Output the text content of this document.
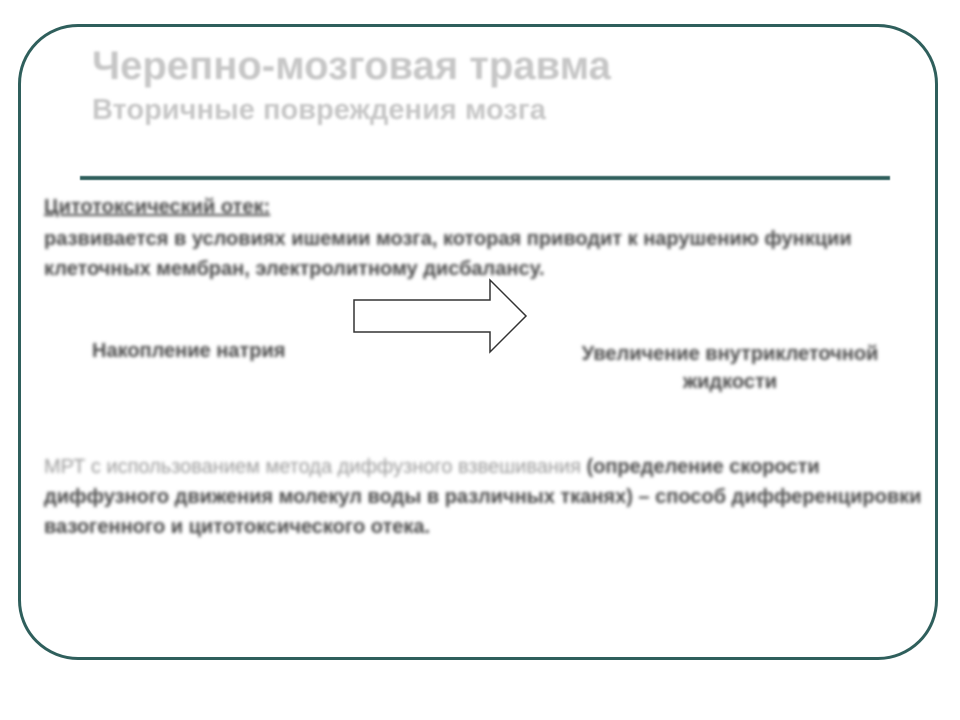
Черепно-мозговая травма
Вторичные повреждения мозга
Цитотоксический отек:
развивается в условиях ишемии мозга, которая приводит к нарушению функции клеточных мембран, электролитному дисбалансу.
Накопление натрия	Увеличение внутриклеточной жидкости
МРТ с использованием метода диффузного взвешивания (определение скорости диффузного движения молекул воды в различных тканях) – способ дифференцировки вазогенного и цитотоксического отека.
